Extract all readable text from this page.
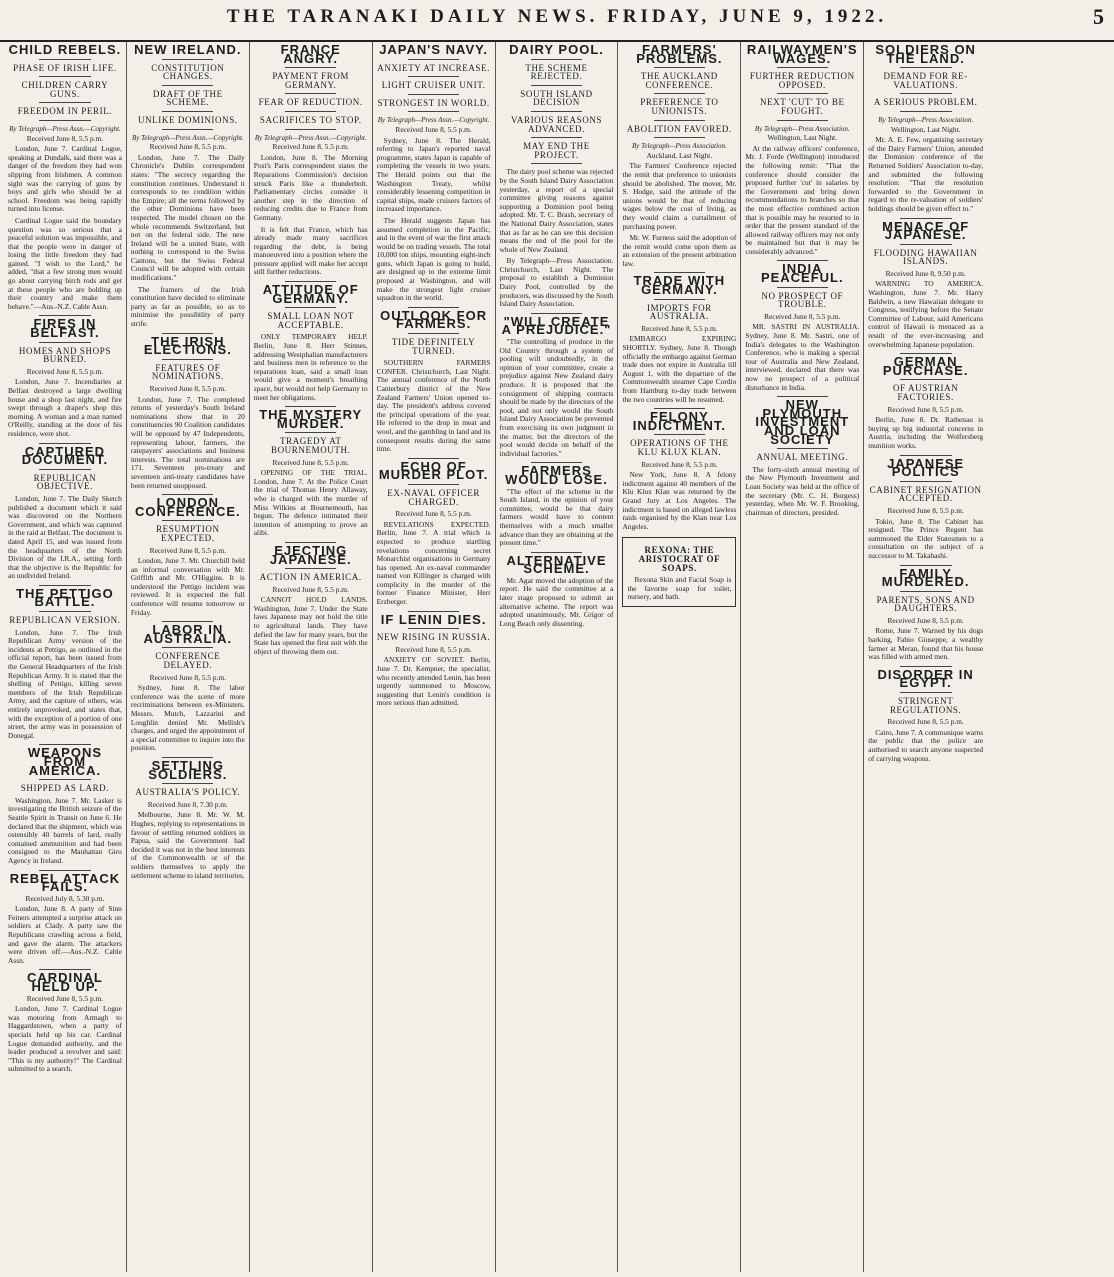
THE TARANAKI DAILY NEWS. FRIDAY, JUNE 9, 1922.	5
CHILD REBELS.
PHASE OF IRISH LIFE.
CHILDREN CARRY GUNS.
FREEDOM IN PERIL.
By Telegraph—Press Assn.—Copyright.
Received June 8, 5.5 p.m.

London, June 7. Cardinal Logue, speaking at Dundalk, said there was a danger of the freedom they had won slipping from Irishmen. A common sight was the carrying of guns by boys and girls who should be at school. Freedom was being rapidly turned into license.

Cardinal Logue said the boundary question was so serious that a peaceful solution was impossible, and that the people were in danger of losing the little freedom they had gained. "I wish to the Lord," he added, "that a few strong men would go about carrying birch rods and get at these people who are holding up their country and make them behave."—Aus.-N.Z. Cable Assn.

FIRES IN BELFAST.
HOMES AND SHOPS BURNED.
Received June 8, 5.5 p.m.

London, June 7. Incendiaries at Belfast destroyed a large dwelling house and a shop last night, and fire swept through a draper's shop this morning. A woman and a man named O'Reilly, standing at the door of his residence, were shot.

CAPTURED DOCUMENT.
REPUBLICAN OBJECTIVE.

London, June 7. The Daily Sketch published a document which it said was discovered on the Northern Government, and which was captured in the raid at Belfast. The document is dated April 15, and was issued from the headquarters of the North Division of the I.R.A., setting forth that the objective is the Republic for an undivided Ireland.

THE PETTIGO BATTLE.
REPUBLICAN VERSION.

London, June 7. The Irish Republican Army version of the incidents at Pettigo, as outlined in the official report, has been issued from the General Headquarters of the Irish Republican Army. It is stated that the shelling of Pettigo, killing seven members of the Irish Republican Army, and the capture of others, was entirely unprovoked, and states that, with the exception of a portion of one street, the army was in possession of Donegal.

WEAPONS FROM AMERICA.
SHIPPED AS LARD.

Washington, June 7. Mr. Lasker is investigating the British seizure of the Seattle Spirit in Transit on June 6. He declared that the shipment, which was ostensibly 40 barrels of lard, really contained ammunition and had been consigned to the Manhattan Giro Agency in Ireland.

REBEL ATTACK FAILS.
Received July 8, 5.30 p.m.

London, June 8. A party of Sinn Feiners attempted a surprise attack on soldiers at Clady. A party saw the Republicans crawling across a field, and gave the alarm. The attackers were driven off.—Aus.-N.Z. Cable Assn.

CARDINAL HELD UP.
Received June 8, 5.5 p.m.

London, June 7. Cardinal Logue was motoring from Armagh to Haggardstown, when a party of specials held up his car. Cardinal Logue demanded authority, and the leader produced a revolver and said: "This is my authority!" The Cardinal submitted to a search.

NEW IRELAND.
CONSTITUTION CHANGES.
DRAFT OF THE SCHEME.
UNLIKE DOMINIONS.
By Telegraph—Press Assn.—Copyright.
Received June 8, 5.5 p.m.

London, June 7. The Daily Chronicle's Dublin correspondent states: "The secrecy regarding the constitution continues. Understand it corresponds to no condition within the Empire; all the terms followed by the other Dominions have been respected. The model chosen on the whole recommends Switzerland, but not on the federal side. The new Ireland will be a united State, with nothing to correspond to the Swiss Cantons, but the Swiss Federal Council will be adopted with certain modifications."

The framers of the Irish constitution have decided to eliminate party as far as possible, so as to minimise the possibility of party strife.

THE IRISH ELECTIONS.
FEATURES OF NOMINATIONS.
Received June 8, 5.5 p.m.

London, June 7. The completed returns of yesterday's South Ireland nominations show that in 20 constituencies 90 Coalition candidates will be opposed by 47 Independents, representing labour, farmers, the ratepayers' associations and business interests. The total nominations are 171. Seventeen pro-treaty and seventeen anti-treaty candidates have been returned unopposed.

LONDON CONFERENCE.
RESUMPTION EXPECTED.
Received June 8, 5.5 p.m.

London, June 7. Mr. Churchill held an informal conversation with Mr. Griffith and Mr. O'Higgins. It is understood the Pettigo incident was reviewed. It is expected the full conference will resume tomorrow or Friday.

LABOR IN AUSTRALIA.
CONFERENCE DELAYED.
Received June 8, 5.5 p.m.

Sydney, June 8. The labor conference was the scene of more recriminations between ex-Ministers. Messrs. Mutch, Lazzarini and Loughlin denied Mr. Mellish's charges, and urged the appointment of a special committee to inquire into the position.

SETTLING SOLDIERS.
AUSTRALIA'S POLICY.
Received June 8, 7.30 p.m.

Melbourne, June 8. Mr. W. M. Hughes, replying to representations in favour of settling returned soldiers in Papua, said the Government had decided it was not in the best interests of the Commonwealth or of the soldiers themselves to apply the settlement scheme to island territories.

FRANCE ANGRY.
PAYMENT FROM GERMANY.
FEAR OF REDUCTION.
SACRIFICES TO STOP.
By Telegraph—Press Assn.—Copyright.
Received June 8, 5.5 p.m.

London, June 8. The Morning Post's Paris correspondent states the Reparations Commission's decision struck Paris like a thunderbolt. Parliamentary circles consider it another step in the direction of reducing credits due to France from Germany.

It is felt that France, which has already made many sacrifices regarding the debt, is being manoeuvred into a position where the pressure applied will make her accept still further reductions.

ATTITUDE OF GERMANY.
SMALL LOAN NOT ACCEPTABLE.

ONLY TEMPORARY HELP. Berlin, June 8. Herr Stinnes, addressing Westphalian manufacturers and business men in reference to the reparations loan, said a small loan would give a moment's breathing space, but would not help Germany to meet her obligations.

THE MYSTERY MURDER.
TRAGEDY AT BOURNEMOUTH.
Received June 8, 5.5 p.m.

OPENING OF THE TRIAL. London, June 7. At the Police Court the trial of Thomas Henry Allaway, who is charged with the murder of Miss Wilkins at Bournemouth, has begun. The defence intimated their intention of attempting to prove an alibi.

EJECTING JAPANESE.
ACTION IN AMERICA.
Received June 8, 5.5 p.m.

CANNOT HOLD LANDS. Washington, June 7. Under the State laws Japanese may not hold the title to agricultural lands. They have defied the law for many years, but the State has opened the first suit with the object of throwing them out.

JAPAN'S NAVY.
ANXIETY AT INCREASE.
LIGHT CRUISER UNIT.
STRONGEST IN WORLD.
By Telegraph—Press Assn.—Copyright.
Received June 8, 5.5 p.m.

Sydney, June 8. The Herald, referring to Japan's reported naval programme, states Japan is capable of completing the vessels in two years. The Herald points out that the Washington Treaty, whilst considerably lessening competition in capital ships, made cruisers factors of increased importance.

The Herald suggests Japan has assumed completion in the Pacific, and in the event of war the first attack would be on trading vessels. The total 10,000 ton ships, mounting eight-inch guns, which Japan is going to build, are designed up to the extreme limit proposed at Washington, and will make the strongest light cruiser squadron in the world.

OUTLOOK FOR FARMERS.
TIDE DEFINITELY TURNED.

SOUTHERN FARMERS CONFER. Christchurch, Last Night. The annual conference of the North Canterbury district of the New Zealand Farmers' Union opened to-day. The president's address covered the principal operations of the year. He referred to the drop in meat and wool, and the gambling in land and its consequent results during the same time.

ECHO OF MURDER PLOT.
EX-NAVAL OFFICER CHARGED.
Received June 8, 5.5 p.m.

REVELATIONS EXPECTED. Berlin, June 7. A trial which is expected to produce startling revelations concerning secret Monarchist organisations in Germany has opened. An ex-naval commander named von Killinger is charged with complicity in the murder of the former Finance Minister, Herr Erzberger.

IF LENIN DIES.
NEW RISING IN RUSSIA.
Received June 8, 5.5 p.m.

ANXIETY OF SOVIET. Berlin, June 7. Dr. Kempner, the specialist, who recently attended Lenin, has been urgently summoned to Moscow, suggesting that Lenin's condition is more serious than admitted.

DAIRY POOL.
THE SCHEME REJECTED.
SOUTH ISLAND DECISION
VARIOUS REASONS ADVANCED.
MAY END THE PROJECT.

The dairy pool scheme was rejected by the South Island Dairy Association yesterday, a report of a special committee giving reasons against supporting a Dominion pool being adopted. Mr. T. C. Brash, secretary of the National Dairy Association, states that as far as he can see this decision means the end of the pool for the whole of New Zealand.

By Telegraph—Press Association. Christchurch, Last Night. The proposal to establish a Dominion Dairy Pool, controlled by the producers, was discussed by the South Island Dairy Association.

"WILL CREATE A PREJUDICE."

"The controlling of produce in the Old Country through a system of pooling will undoubtedly, in the opinion of your committee, create a prejudice against New Zealand dairy produce. It is proposed that the consignment of shipping contracts should be made by the directors of the pool, and not only would the South Island Dairy Association be prevented from exercising its own judgment in the matter, but the directors of the pool would decide on behalf of the individual factories."

FARMERS WOULD LOSE.

"The effect of the scheme in the South Island, in the opinion of your committee, would be that dairy farmers would have to content themselves with a much smaller advance than they are obtaining at the present time."

ALTERNATIVE SCHEME.

Mr. Agar moved the adoption of the report. He said the committee at a later stage proposed to submit an alternative scheme. The report was adopted unanimously, Mr. Grigor of Long Beach only dissenting.

FARMERS' PROBLEMS.
THE AUCKLAND CONFERENCE.
PREFERENCE TO UNIONISTS.
ABOLITION FAVORED.
By Telegraph—Press Association.
Auckland, Last Night.

The Farmers' Conference rejected the remit that preference to unionists should be abolished. The mover, Mr. S. Hodge, said the attitude of the unions would be that of reducing wages below the cost of living, as they would claim a curtailment of purchasing power.

Mr. W. Furness said the adoption of the remit would come upon them as an extension of the present arbitration law.

TRADE WITH GERMANY.
IMPORTS FOR AUSTRALIA.
Received June 8, 5.5 p.m.

EMBARGO EXPIRING SHORTLY. Sydney, June 8. Though officially the embargo against German trade does not expire in Australia till August 1, with the departure of the Commonwealth steamer Cape Cordio from Hamburg to-day trade between the two countries will be resumed.

FELONY INDICTMENT.
OPERATIONS OF THE KLU KLUX KLAN.
Received June 8, 5.5 p.m.

New York, June 8. A felony indictment against 40 members of the Klu Klux Klan was returned by the Grand Jury at Los Angeles. The indictment is based on alleged lawless raids organised by the Klan near Los Angeles.

REXONA: THE ARISTOCRAT OF SOAPS.

Rexona Skin and Facial Soap is the favorite soap for toilet, nursery, and bath.

RAILWAYMEN'S WAGES.
FURTHER REDUCTION OPPOSED.
NEXT 'CUT' TO BE FOUGHT.
By Telegraph—Press Association.
Wellington, Last Night.

At the railway officers' conference, Mr. J. Forde (Wellington) introduced the following remit: "That the conference should consider the proposed further 'cut' in salaries by the Government and bring down recommendations to branches so that the most effective combined action that is possible may be resorted to in order that the present standard of the allowed railway officers may not only be maintained but that it may be considerably advanced."

INDIA PEACEFUL.
NO PROSPECT OF TROUBLE.
Received June 8, 5.5 p.m.

MR. SASTRI IN AUSTRALIA. Sydney, June 8. Mr. Sastri, one of India's delegates to the Washington Conference, who is making a special tour of Australia and New Zealand, interviewed, declared that there was now no prospect of a political disturbance in India.

NEW PLYMOUTH INVESTMENT AND LOAN SOCIETY
ANNUAL MEETING.

The forty-sixth annual meeting of the New Plymouth Investment and Loan Society was held at the office of the secretary (Mr. C. H. Burgess) yesterday, when Mr. W. F. Brooking, chairman of directors, presided.

SOLDIERS ON THE LAND.
DEMAND FOR RE-VALUATIONS.
A SERIOUS PROBLEM.
By Telegraph—Press Association.
Wellington, Last Night.

Mr. A. E. Few, organising secretary of the Dairy Farmers' Union, attended the Dominion conference of the Returned Soldiers' Association to-day, and submitted the following resolution: "That the resolution forwarded to the Government in regard to the re-valuation of soldiers' holdings should be given effect to."

MENACE OF JAPANESE.
FLOODING HAWAIIAN ISLANDS.
Received June 8, 9.50 p.m.

WARNING TO AMERICA. Washington, June 7. Mr. Harry Baldwin, a new Hawaiian delegate to Congress, testifying before the Senate Committee of Labour, said Americans control of Hawaii is menaced as a result of the ever-increasing and overwhelming Japanese population.

GERMAN PURCHASE.
OF AUSTRIAN FACTORIES.
Received June 8, 5.5 p.m.

Berlin, June 8. Dr. Rathenau is buying up big industrial concerns in Austria, including the Wolfersberg munition works.

JAPANESE POLITICS
CABINET RESIGNATION ACCEPTED.
Received June 8, 5.5 p.m.

Tokio, June 8. The Cabinet has resigned. The Prince Regent has summoned the Elder Statesmen to a consultation on the subject of a successor to M. Takahashi.

FAMILY MURDERED.
PARENTS, SONS AND DAUGHTERS.
Received June 8, 5.5 p.m.

Rome, June 7. Warned by his dogs barking, Fabio Giuseppe, a wealthy farmer at Meran, found that his house was filled with armed men.

DISORDER IN EGYPT.
STRINGENT REGULATIONS.
Received June 8, 5.5 p.m.

Cairo, June 7. A communique warns the public that the police are authorised to search anyone suspected of carrying weapons.
